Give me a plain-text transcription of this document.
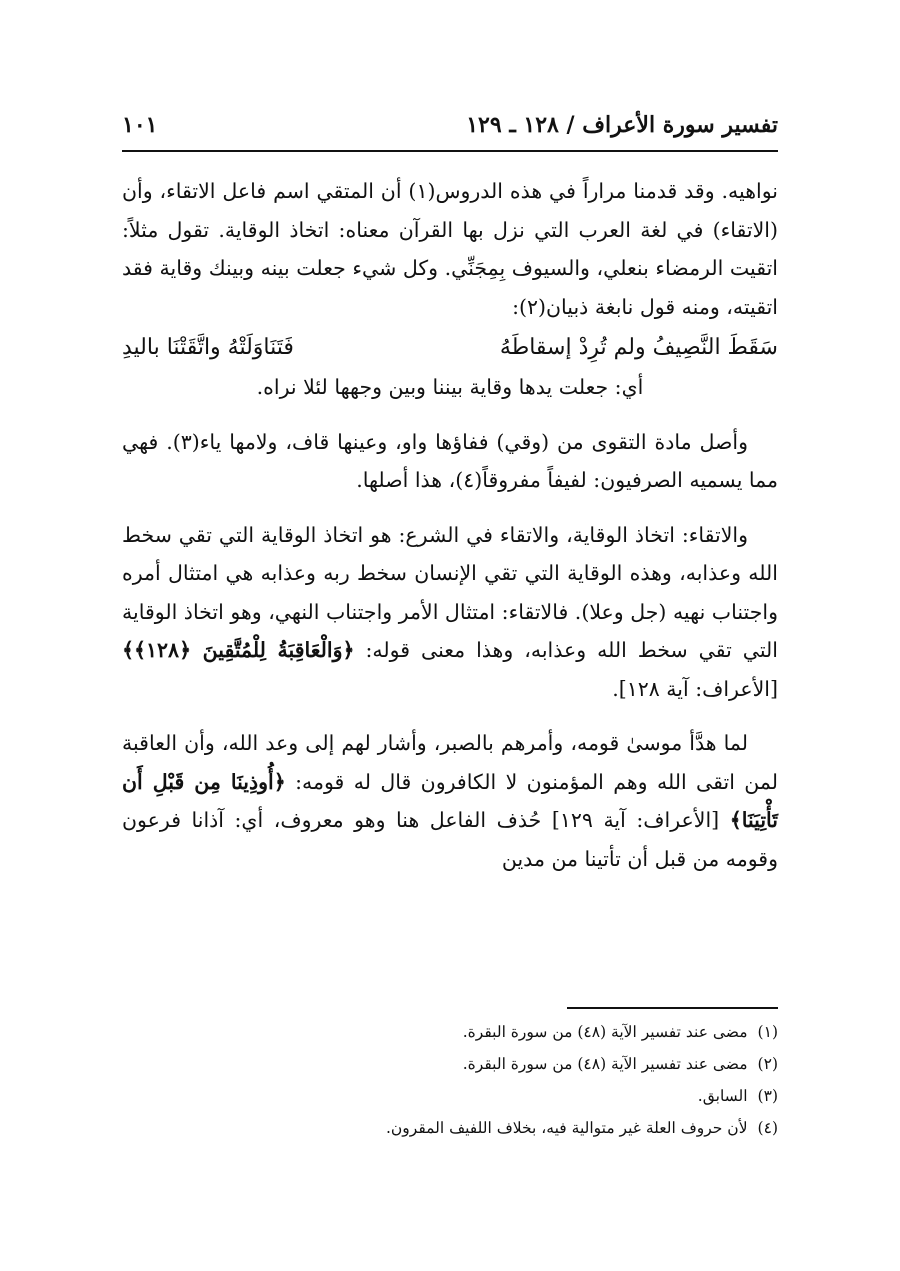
تفسير سورة الأعراف / ١٢٨ ـ ١٢٩
١٠١

نواهيه. وقد قدمنا مراراً في هذه الدروس(١) أن المتقي اسم فاعل الاتقاء، وأن (الاتقاء) في لغة العرب التي نزل بها القرآن معناه: اتخاذ الوقاية. تقول مثلاً: اتقيت الرمضاء بنعلي، والسيوف بِمِجَنِّي. وكل شيء جعلت بينه وبينك وقاية فقد اتقيته، ومنه قول نابغة ذبيان(٢):

سَقَطَ النَّصِيفُ ولم تُرِدْ إسقاطَهُ
فَتَنَاوَلَتْهُ واتَّقَتْنَا باليدِ

أي: جعلت يدها وقاية بيننا وبين وجهها لئلا نراه.

وأصل مادة التقوى من (وقي) ففاؤها واو، وعينها قاف، ولامها ياء(٣). فهي مما يسميه الصرفيون: لفيفاً مفروقاً(٤)، هذا أصلها.

والاتقاء: اتخاذ الوقاية، والاتقاء في الشرع: هو اتخاذ الوقاية التي تقي سخط الله وعذابه، وهذه الوقاية التي تقي الإنسان سخط ربه وعذابه هي امتثال أمره واجتناب نهيه (جل وعلا). فالاتقاء: امتثال الأمر واجتناب النهي، وهو اتخاذ الوقاية التي تقي سخط الله وعذابه، وهذا معنى قوله: ﴿وَالْعَاقِبَةُ لِلْمُتَّقِينَ ﴿١٢٨﴾﴾ [الأعراف: آية ١٢٨].

لما هدَّأ موسىٰ قومه، وأمرهم بالصبر، وأشار لهم إلى وعد الله، وأن العاقبة لمن اتقى الله وهم المؤمنون لا الكافرون قال له قومه: ﴿أُوذِينَا مِن قَبْلِ أَن تَأْتِيَنَا﴾ [الأعراف: آية ١٢٩] حُذف الفاعل هنا وهو معروف، أي: آذانا فرعون وقومه من قبل أن تأتينا من مدين

(١)
مضى عند تفسير الآية (٤٨) من سورة البقرة.
(٢)
مضى عند تفسير الآية (٤٨) من سورة البقرة.
(٣)
السابق.
(٤)
لأن حروف العلة غير متوالية فيه، بخلاف اللفيف المقرون.
